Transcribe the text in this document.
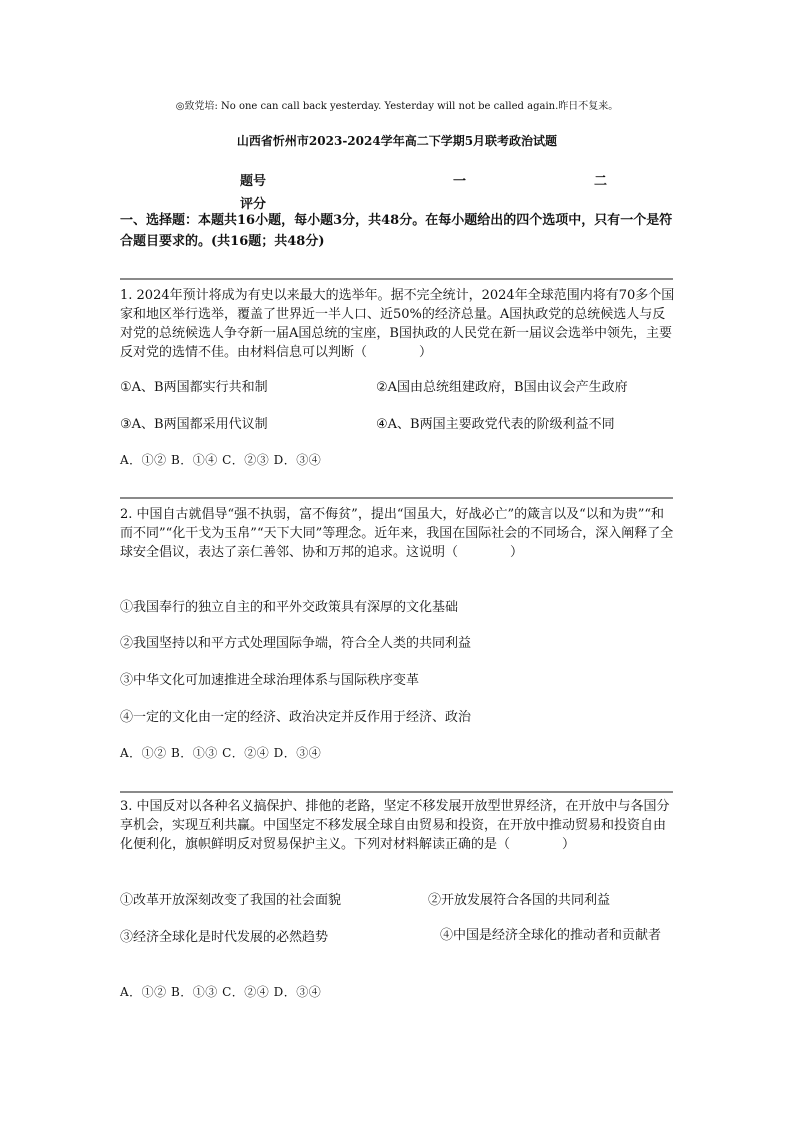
◎致党培: No one can call back yesterday. Yesterday will not be called again.昨日不复来。
山西省忻州市2023-2024学年高二下学期5月联考政治试题
题号	一	二
评分
一、选择题：本题共16小题，每小题3分，共48分。在每小题给出的四个选项中，只有一个是符合题目要求的。(共16题；共48分)
1. 2024年预计将成为有史以来最大的选举年。据不完全统计，2024年全球范围内将有70多个国家和地区举行选举，覆盖了世界近一半人口、近50%的经济总量。A国执政党的总统候选人与反对党的总统候选人争夺新一届A国总统的宝座，B国执政的人民党在新一届议会选举中领先，主要反对党的选情不佳。由材料信息可以判断（　　　　）
①A、B两国都实行共和制	②A国由总统组建政府，B国由议会产生政府
③A、B两国都采用代议制	④A、B两国主要政党代表的阶级利益不同
A．①② B．①④ C．②③ D．③④
2. 中国自古就倡导“强不执弱，富不侮贫”，提出“国虽大，好战必亡”的箴言以及“以和为贵”“和而不同”“化干戈为玉帛”“天下大同”等理念。近年来，我国在国际社会的不同场合，深入阐释了全球安全倡议，表达了亲仁善邻、协和万邦的追求。这说明（　　　　）
①我国奉行的独立自主的和平外交政策具有深厚的文化基础
②我国坚持以和平方式处理国际争端，符合全人类的共同利益
③中华文化可加速推进全球治理体系与国际秩序变革
④一定的文化由一定的经济、政治决定并反作用于经济、政治
A．①② B．①③ C．②④ D．③④
3. 中国反对以各种名义搞保护、排他的老路，坚定不移发展开放型世界经济，在开放中与各国分享机会，实现互利共赢。中国坚定不移发展全球自由贸易和投资，在开放中推动贸易和投资自由化便利化，旗帜鲜明反对贸易保护主义。下列对材料解读正确的是（　　　　）
①改革开放深刻改变了我国的社会面貌	②开放发展符合各国的共同利益
③经济全球化是时代发展的必然趋势	④中国是经济全球化的推动者和贡献者
A．①② B．①③ C．②④ D．③④
